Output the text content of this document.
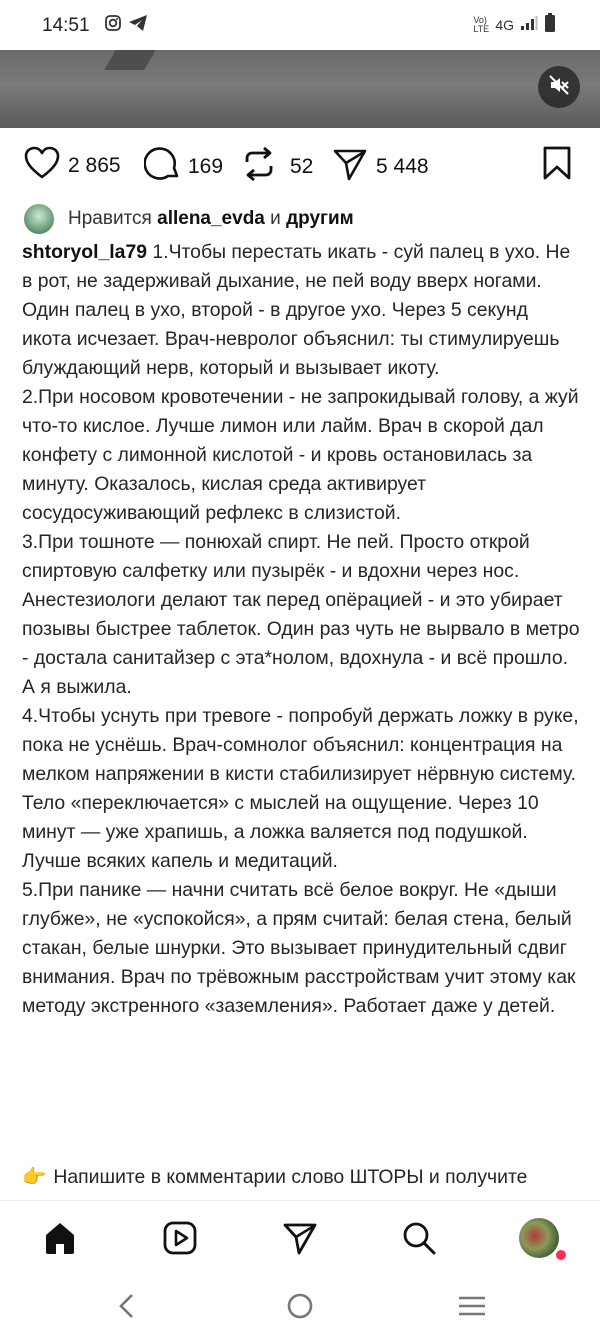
14:51	Vo) LTE 4G
2 865	169	52	5 448
Нравится allena_evda и другим
shtoryol_la79 1.Чтобы перестать икать - суй палец в ухо. Не в рот, не задерживай дыхание, не пей воду вверх ногами. Один палец в ухо, второй - в другое ухо. Через 5 секунд икота исчезает. Врач-невролог объяснил: ты стимулируешь блуждающий нерв, который и вызывает икоту.
2.При носовом кровотечении - не запрокидывай голову, а жуй что-то кислое. Лучше лимон или лайм. Врач в скорой дал конфету с лимонной кислотой - и кровь остановилась за минуту. Оказалось, кислая среда активирует сосудосуживающий рефлекс в слизистой.
3.При тошноте — понюхай спирт. Не пей. Просто открой спиртовую салфетку или пузырёк - и вдохни через нос. Анестезиологи делают так перед опёрацией - и это убирает позывы быстрее таблеток. Один раз чуть не вырвало в метро - достала санитайзер с эта*нолом, вдохнула - и всё прошло. А я выжила.
4.Чтобы уснуть при тревоге - попробуй держать ложку в руке, пока не уснёшь. Врач-сомнолог объяснил: концентрация на мелком напряжении в кисти стабилизирует нёрвную систему. Тело «переключается» с мыслей на ощущение. Через 10 минут — уже храпишь, а ложка валяется под подушкой. Лучше всяких капель и медитаций.
5.При панике — начни считать всё белое вокруг. Не «дыши глубже», не «успокойся», а прям считай: белая стена, белый стакан, белые шнурки. Это вызывает принудительный сдвиг внимания. Врач по трёвожным расстройствам учит этому как методу экстренного «заземления». Работает даже у детей.
👉 Напишите в комментарии слово ШТОРЫ и получите
